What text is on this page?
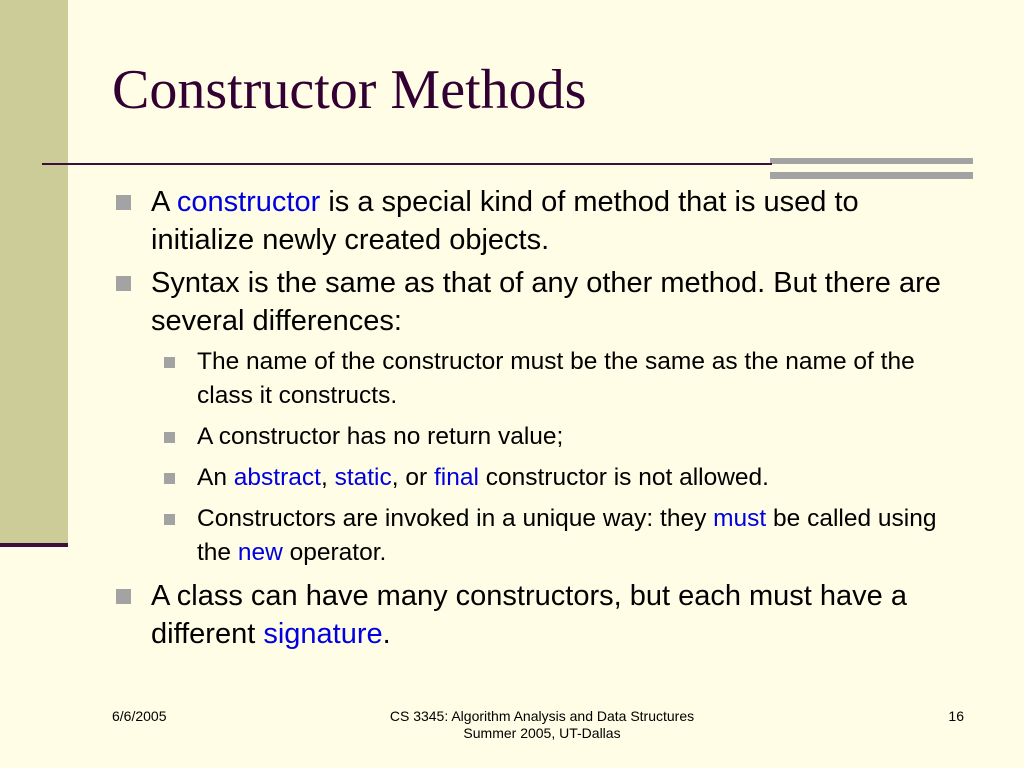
Constructor Methods
A constructor is a special kind of method that is used to initialize newly created objects.
Syntax is the same as that of any other method. But there are several differences:
The name of the constructor must be the same as the name of the class it constructs.
A constructor has no return value;
An abstract, static, or final constructor is not allowed.
Constructors are invoked in a unique way: they must be called using the new operator.
A class can have many constructors, but each must have a different signature.
6/6/2005	CS 3345: Algorithm Analysis and Data Structures
Summer 2005, UT-Dallas
16
